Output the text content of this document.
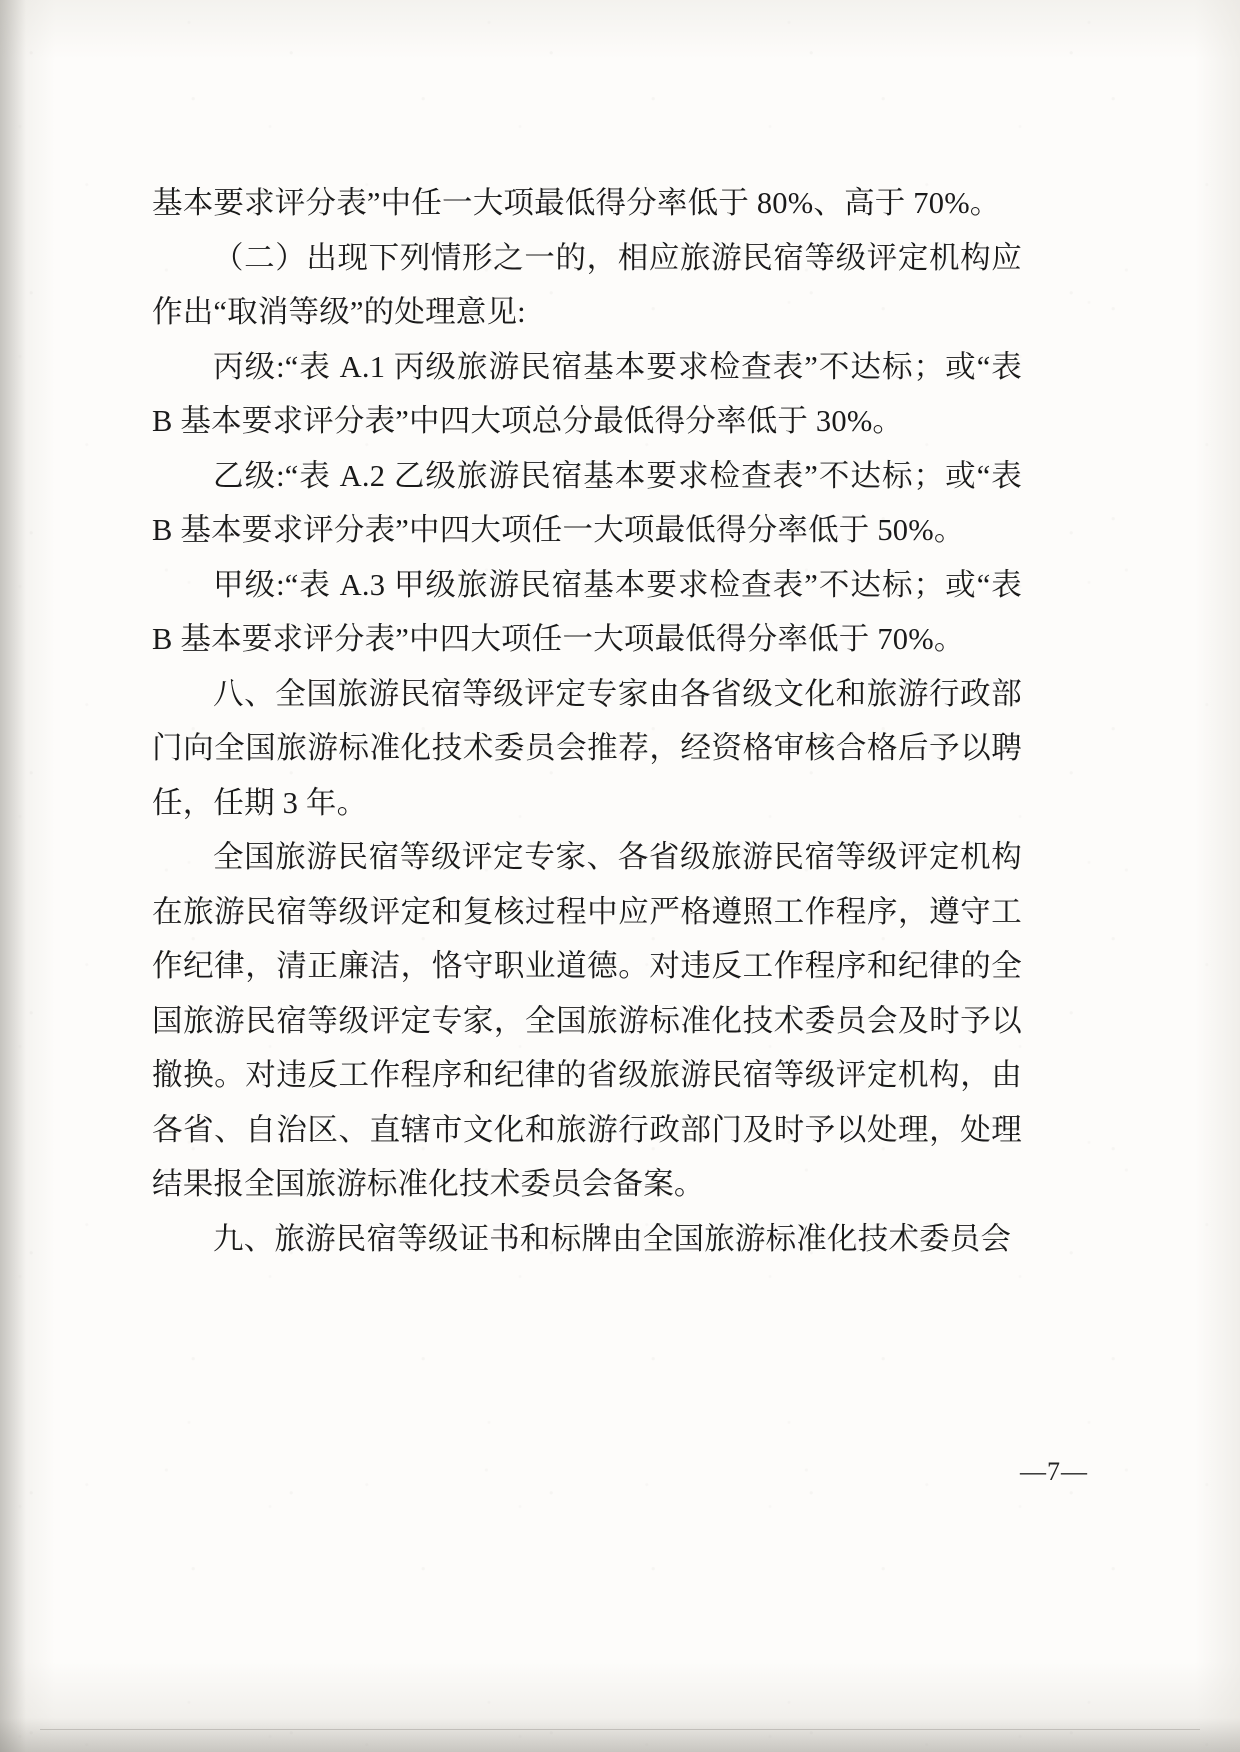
基本要求评分表”中任一大项最低得分率低于 80%、高于 70%。

（二）出现下列情形之一的，相应旅游民宿等级评定机构应作出“取消等级”的处理意见:

丙级:“表 A.1 丙级旅游民宿基本要求检查表”不达标；或“表 B 基本要求评分表”中四大项总分最低得分率低于 30%。

乙级:“表 A.2 乙级旅游民宿基本要求检查表”不达标；或“表 B 基本要求评分表”中四大项任一大项最低得分率低于 50%。

甲级:“表 A.3 甲级旅游民宿基本要求检查表”不达标；或“表 B 基本要求评分表”中四大项任一大项最低得分率低于 70%。

八、全国旅游民宿等级评定专家由各省级文化和旅游行政部门向全国旅游标准化技术委员会推荐，经资格审核合格后予以聘任，任期 3 年。

全国旅游民宿等级评定专家、各省级旅游民宿等级评定机构在旅游民宿等级评定和复核过程中应严格遵照工作程序，遵守工作纪律，清正廉洁，恪守职业道德。对违反工作程序和纪律的全国旅游民宿等级评定专家，全国旅游标准化技术委员会及时予以撤换。对违反工作程序和纪律的省级旅游民宿等级评定机构，由各省、自治区、直辖市文化和旅游行政部门及时予以处理，处理结果报全国旅游标准化技术委员会备案。

九、旅游民宿等级证书和标牌由全国旅游标准化技术委员会

—7—
